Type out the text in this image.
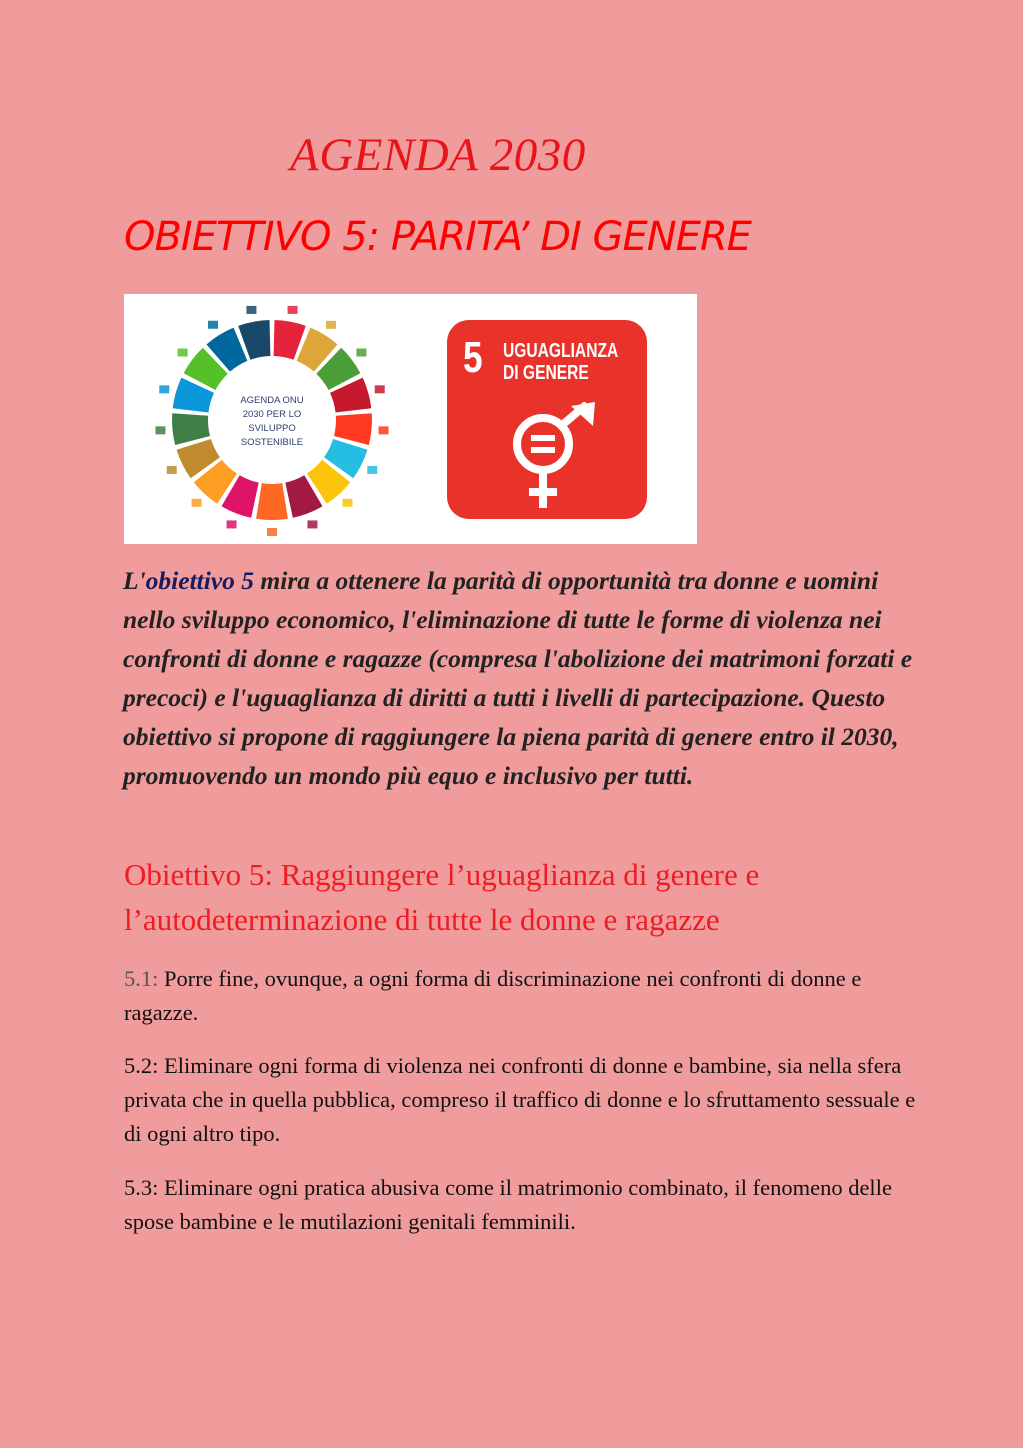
AGENDA 2030
OBIETTIVO 5: PARITA’ DI GENERE
AGENDA ONU
2030 PER LO
SVILUPPO
SOSTENIBILE
5 UGUAGLIANZA
DI GENERE

L'obiettivo 5 mira a ottenere la parità di opportunità tra donne e uomini nello sviluppo economico, l'eliminazione di tutte le forme di violenza nei confronti di donne e ragazze (compresa l'abolizione dei matrimoni forzati e precoci) e l'uguaglianza di diritti a tutti i livelli di partecipazione. Questo obiettivo si propone di raggiungere la piena parità di genere entro il 2030, promuovendo un mondo più equo e inclusivo per tutti.

Obiettivo 5: Raggiungere l’uguaglianza di genere e l’autodeterminazione di tutte le donne e ragazze

5.1: Porre fine, ovunque, a ogni forma di discriminazione nei confronti di donne e ragazze.

5.2: Eliminare ogni forma di violenza nei confronti di donne e bambine, sia nella sfera privata che in quella pubblica, compreso il traffico di donne e lo sfruttamento sessuale e di ogni altro tipo.

5.3: Eliminare ogni pratica abusiva come il matrimonio combinato, il fenomeno delle spose bambine e le mutilazioni genitali femminili.
